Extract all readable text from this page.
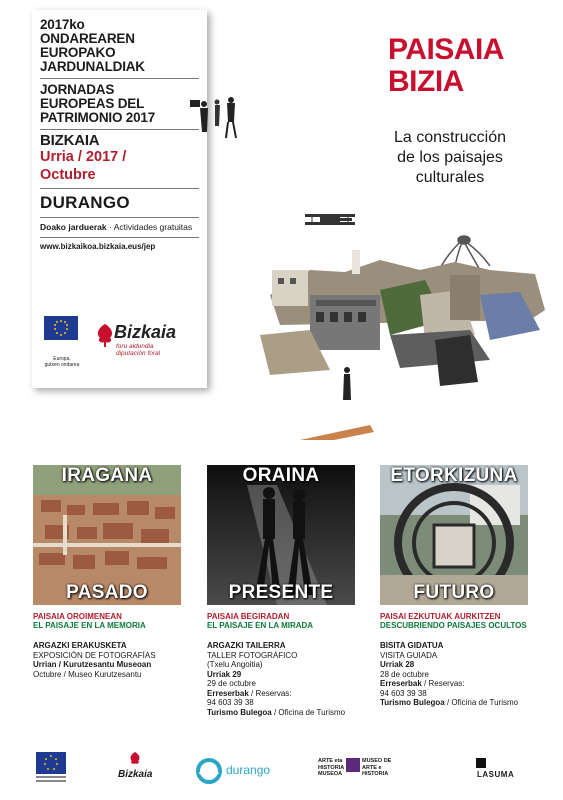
2017ko
ONDAREAREN
EUROPAKO
JARDUNALDIAK
JORNADAS
EUROPEAS DEL
PATRIMONIO 2017
BIZKAIA
Urria / 2017 /
Octubre
DURANGO
Doako jarduerak · Actividades gratuitas
www.bizkaikoa.bizkaia.eus/jep
Europa,
gutxen ondarea
Bizkaia
foru aldundia
diputación foral
PAISAIA
BIZIA
La construcción
de los paisajes
culturales
IRAGANA
PASADO
PAISAIA OROIMENEAN
EL PAISAJE EN LA MEMORIA
ARGAZKI ERAKUSKETA
EXPOSICIÓN DE FOTOGRAFÍAS
Urrian / Kurutzesantu Museoan
Octubre / Museo Kurutzesantu
ORAINA
PRESENTE
PAISAIA BEGIRADAN
EL PAISAJE EN LA MIRADA
ARGAZKI TAILERRA
TALLER FOTOGRÁFICO
(Txelu Angoitia)
Urriak 29
29 de octubre
Erreserbak / Reservas:
94 603 39 38
Turismo Bulegoa / Oficina de Turismo
ETORKIZUNA
FUTURO
PAISAI EZKUTUAK AURKITZEN
DESCUBRIENDO PAISAJES OCULTOS
BISITA GIDATUA
VISITA GUIADA
Urriak 28
28 de octubre
Erreserbak / Reservas:
94 603 39 38
Turismo Bulegoa / Oficina de Turismo
Bizkaia	durango
ARTE eta HISTORIA MUSEOA
MUSEO DE ARTE e HISTORIA	LASUMA
